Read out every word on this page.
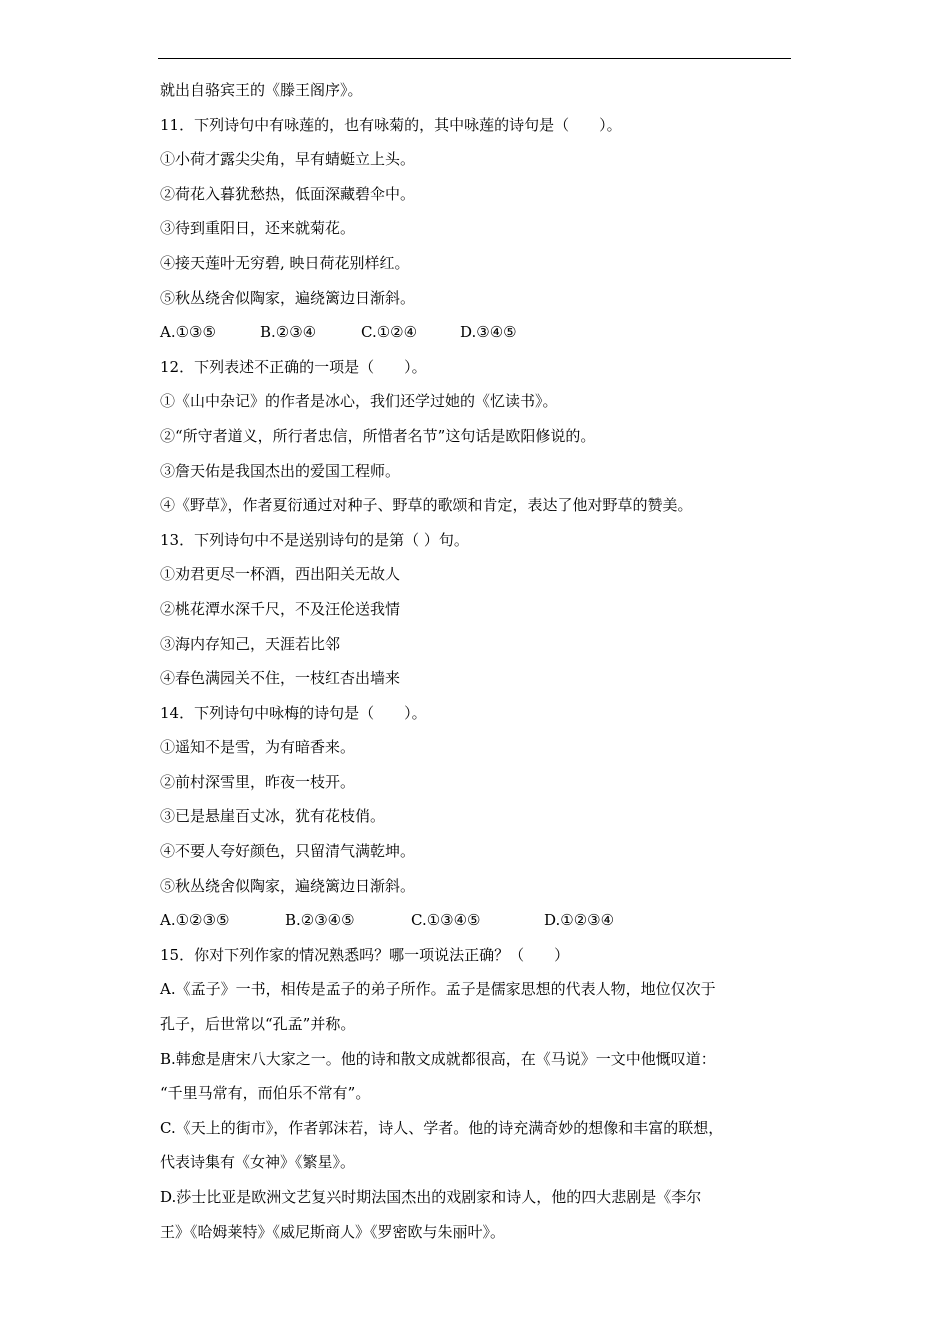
就出自骆宾王的《滕王阁序》。
11．下列诗句中有咏莲的，也有咏菊的，其中咏莲的诗句是（　　）。
①小荷才露尖尖角，早有蜻蜓立上头。
②荷花入暮犹愁热，低面深藏碧伞中。
③待到重阳日，还来就菊花。
④接天莲叶无穷碧, 映日荷花别样红。
⑤秋丛绕舍似陶家，遍绕篱边日渐斜。
A.①③⑤	B.②③④	C.①②④	D.③④⑤
12．下列表述不正确的一项是（　　）。
①《山中杂记》的作者是冰心，我们还学过她的《忆读书》。
②“所守者道义，所行者忠信，所惜者名节”这句话是欧阳修说的。
③詹天佑是我国杰出的爱国工程师。
④《野草》，作者夏衍通过对种子、野草的歌颂和肯定，表达了他对野草的赞美。
13．下列诗句中不是送别诗句的是第（ ）句。
①劝君更尽一杯酒，西出阳关无故人
②桃花潭水深千尺，不及汪伦送我情
③海内存知己，天涯若比邻
④春色满园关不住，一枝红杏出墙来
14．下列诗句中咏梅的诗句是（　　）。
①遥知不是雪，为有暗香来。
②前村深雪里，昨夜一枝开。
③已是悬崖百丈冰，犹有花枝俏。
④不要人夸好颜色，只留清气满乾坤。
⑤秋丛绕舍似陶家，遍绕篱边日渐斜。
A.①②③⑤	B.②③④⑤	C.①③④⑤	D.①②③④
15．你对下列作家的情况熟悉吗？哪一项说法正确？（　　）
A.《孟子》一书，相传是孟子的弟子所作。孟子是儒家思想的代表人物，地位仅次于
孔子，后世常以“孔孟”并称。
B.韩愈是唐宋八大家之一。他的诗和散文成就都很高，在《马说》一文中他慨叹道：
“千里马常有，而伯乐不常有”。
C.《天上的街市》，作者郭沫若，诗人、学者。他的诗充满奇妙的想像和丰富的联想，
代表诗集有《女神》《繁星》。
D.莎士比亚是欧洲文艺复兴时期法国杰出的戏剧家和诗人，他的四大悲剧是《李尔
王》《哈姆莱特》《威尼斯商人》《罗密欧与朱丽叶》。
